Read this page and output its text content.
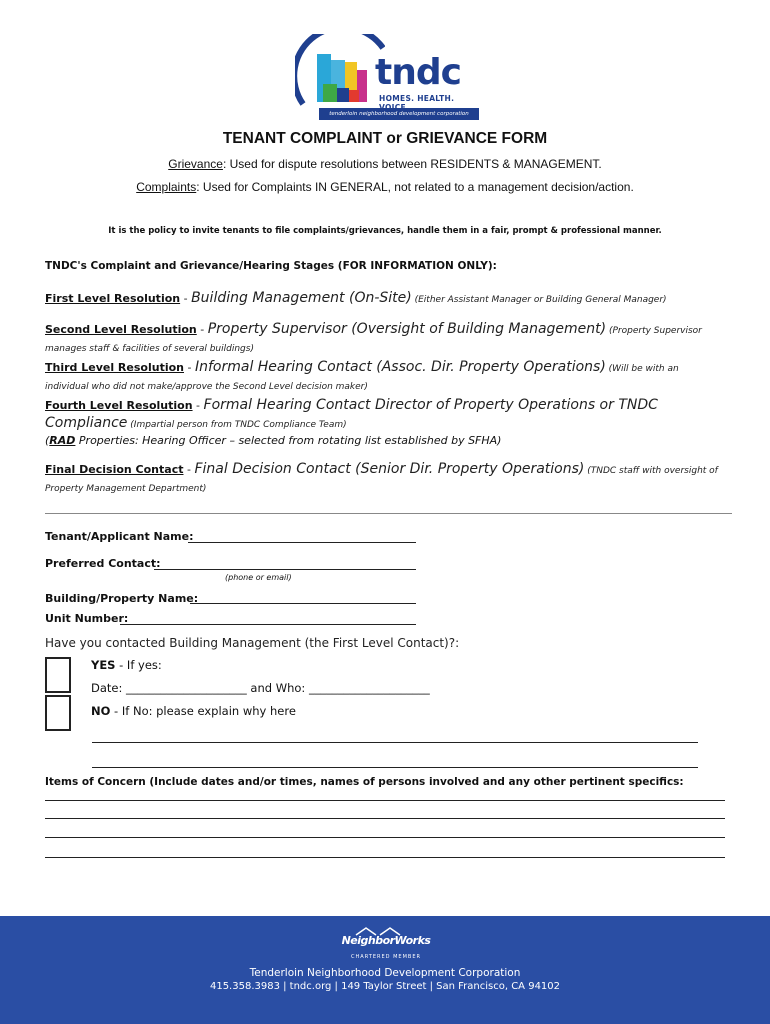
tndc
HOMES. HEALTH.
tenderloin neighborhood development corporation
TENANT COMPLAINT or GRIEVANCE FORM
Grievance: Used for dispute resolutions between RESIDENTS & MANAGEMENT.
Complaints: Used for Complaints IN GENERAL, not related to a management decision/action.
It is the policy to invite tenants to file complaints/grievances, handle them in a fair, prompt & professional manner.
TNDC's Complaint and Grievance/Hearing Stages (FOR INFORMATION ONLY):
First Level Resolution - Building Management (On-Site) (Either Assistant Manager or Building General Manager)
Second Level Resolution - Property Supervisor (Oversight of Building Management) (Property Supervisor manages staff & facilities of several buildings)
Third Level Resolution - Informal Hearing Contact (Assoc. Dir. Property Operations) (Will be with an individual who did not make/approve the Second Level decision maker)
Fourth Level Resolution - Formal Hearing Contact Director of Property Operations or TNDC Compliance (Impartial person from TNDC Compliance Team)
(RAD Properties: Hearing Officer – selected from rotating list established by SFHA)
Final Decision Contact - Final Decision Contact (Senior Dir. Property Operations) (TNDC staff with oversight of Property Management Department)
Tenant/Applicant Name:
Preferred Contact:
(phone or email)
Building/Property Name:
Unit Number:
Have you contacted Building Management (the First Level Contact)?:
YES - If yes:
Date: _____________________ and Who: _____________________
NO - If No: please explain why here
Items of Concern (Include dates and/or times, names of persons involved and any other pertinent specifics:
NeighborWorks
CHARTERED MEMBER
Tenderloin Neighborhood Development Corporation
415.358.3983 | tndc.org | 149 Taylor Street | San Francisco, CA 94102
